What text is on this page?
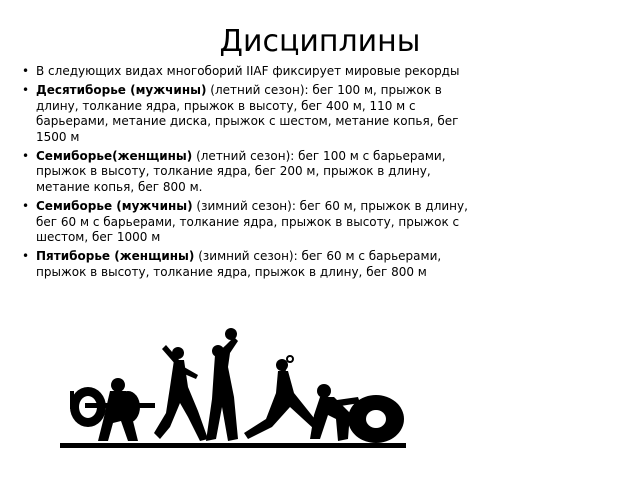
Дисциплины
• В следующих видах многоборий IIAF фиксирует мировые рекорды
• Десятиборье (мужчины) (летний сезон): бег 100 м, прыжок в длину, толкание ядра, прыжок в высоту, бег 400 м, 110 м с барьерами, метание диска, прыжок с шестом, метание копья, бег 1500 м
• Семиборье(женщины) (летний сезон): бег 100 м с барьерами, прыжок в высоту, толкание ядра, бег 200 м, прыжок в длину, метание копья, бег 800 м.
• Семиборье (мужчины) (зимний сезон): бег 60 м, прыжок в длину, бег 60 м с барьерами, толкание ядра, прыжок в высоту, прыжок с шестом, бег 1000 м
• Пятиборье (женщины) (зимний сезон): бег 60 м с барьерами, прыжок в высоту, толкание ядра, прыжок в длину, бег 800 м
